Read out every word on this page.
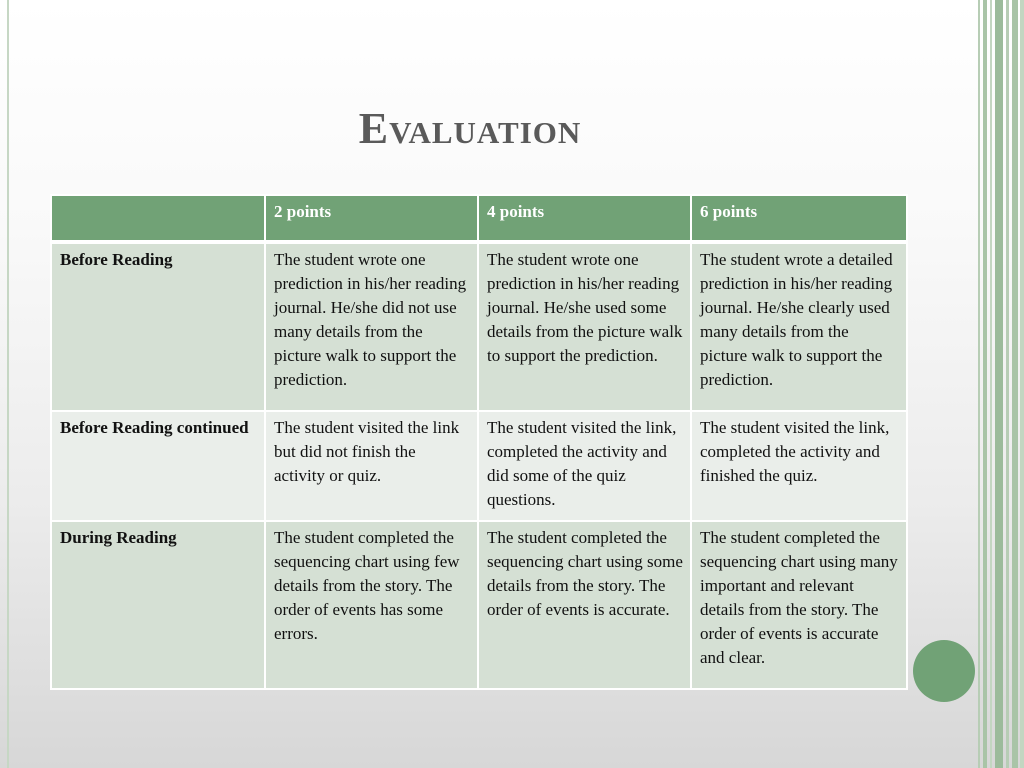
Evaluation
	2 points	4 points	6 points
Before Reading	The student wrote one prediction in his/her reading journal. He/she did not use many details from the picture walk to support the prediction.	The student wrote one prediction in his/her reading journal. He/she used some details from the picture walk to support the prediction.	The student wrote a detailed prediction in his/her reading journal. He/she clearly used many details from the picture walk to support the prediction.
Before Reading continued	The student visited the link but did not finish the activity or quiz.	The student visited the link, completed the activity and did some of the quiz questions.	The student visited the link, completed the activity and finished the quiz.
During Reading	The student completed the sequencing chart using few details from the story. The order of events has some errors.	The student completed the sequencing chart using some details from the story. The order of events is accurate.	The student completed the sequencing chart using many important and relevant details from the story. The order of events is accurate and clear.
